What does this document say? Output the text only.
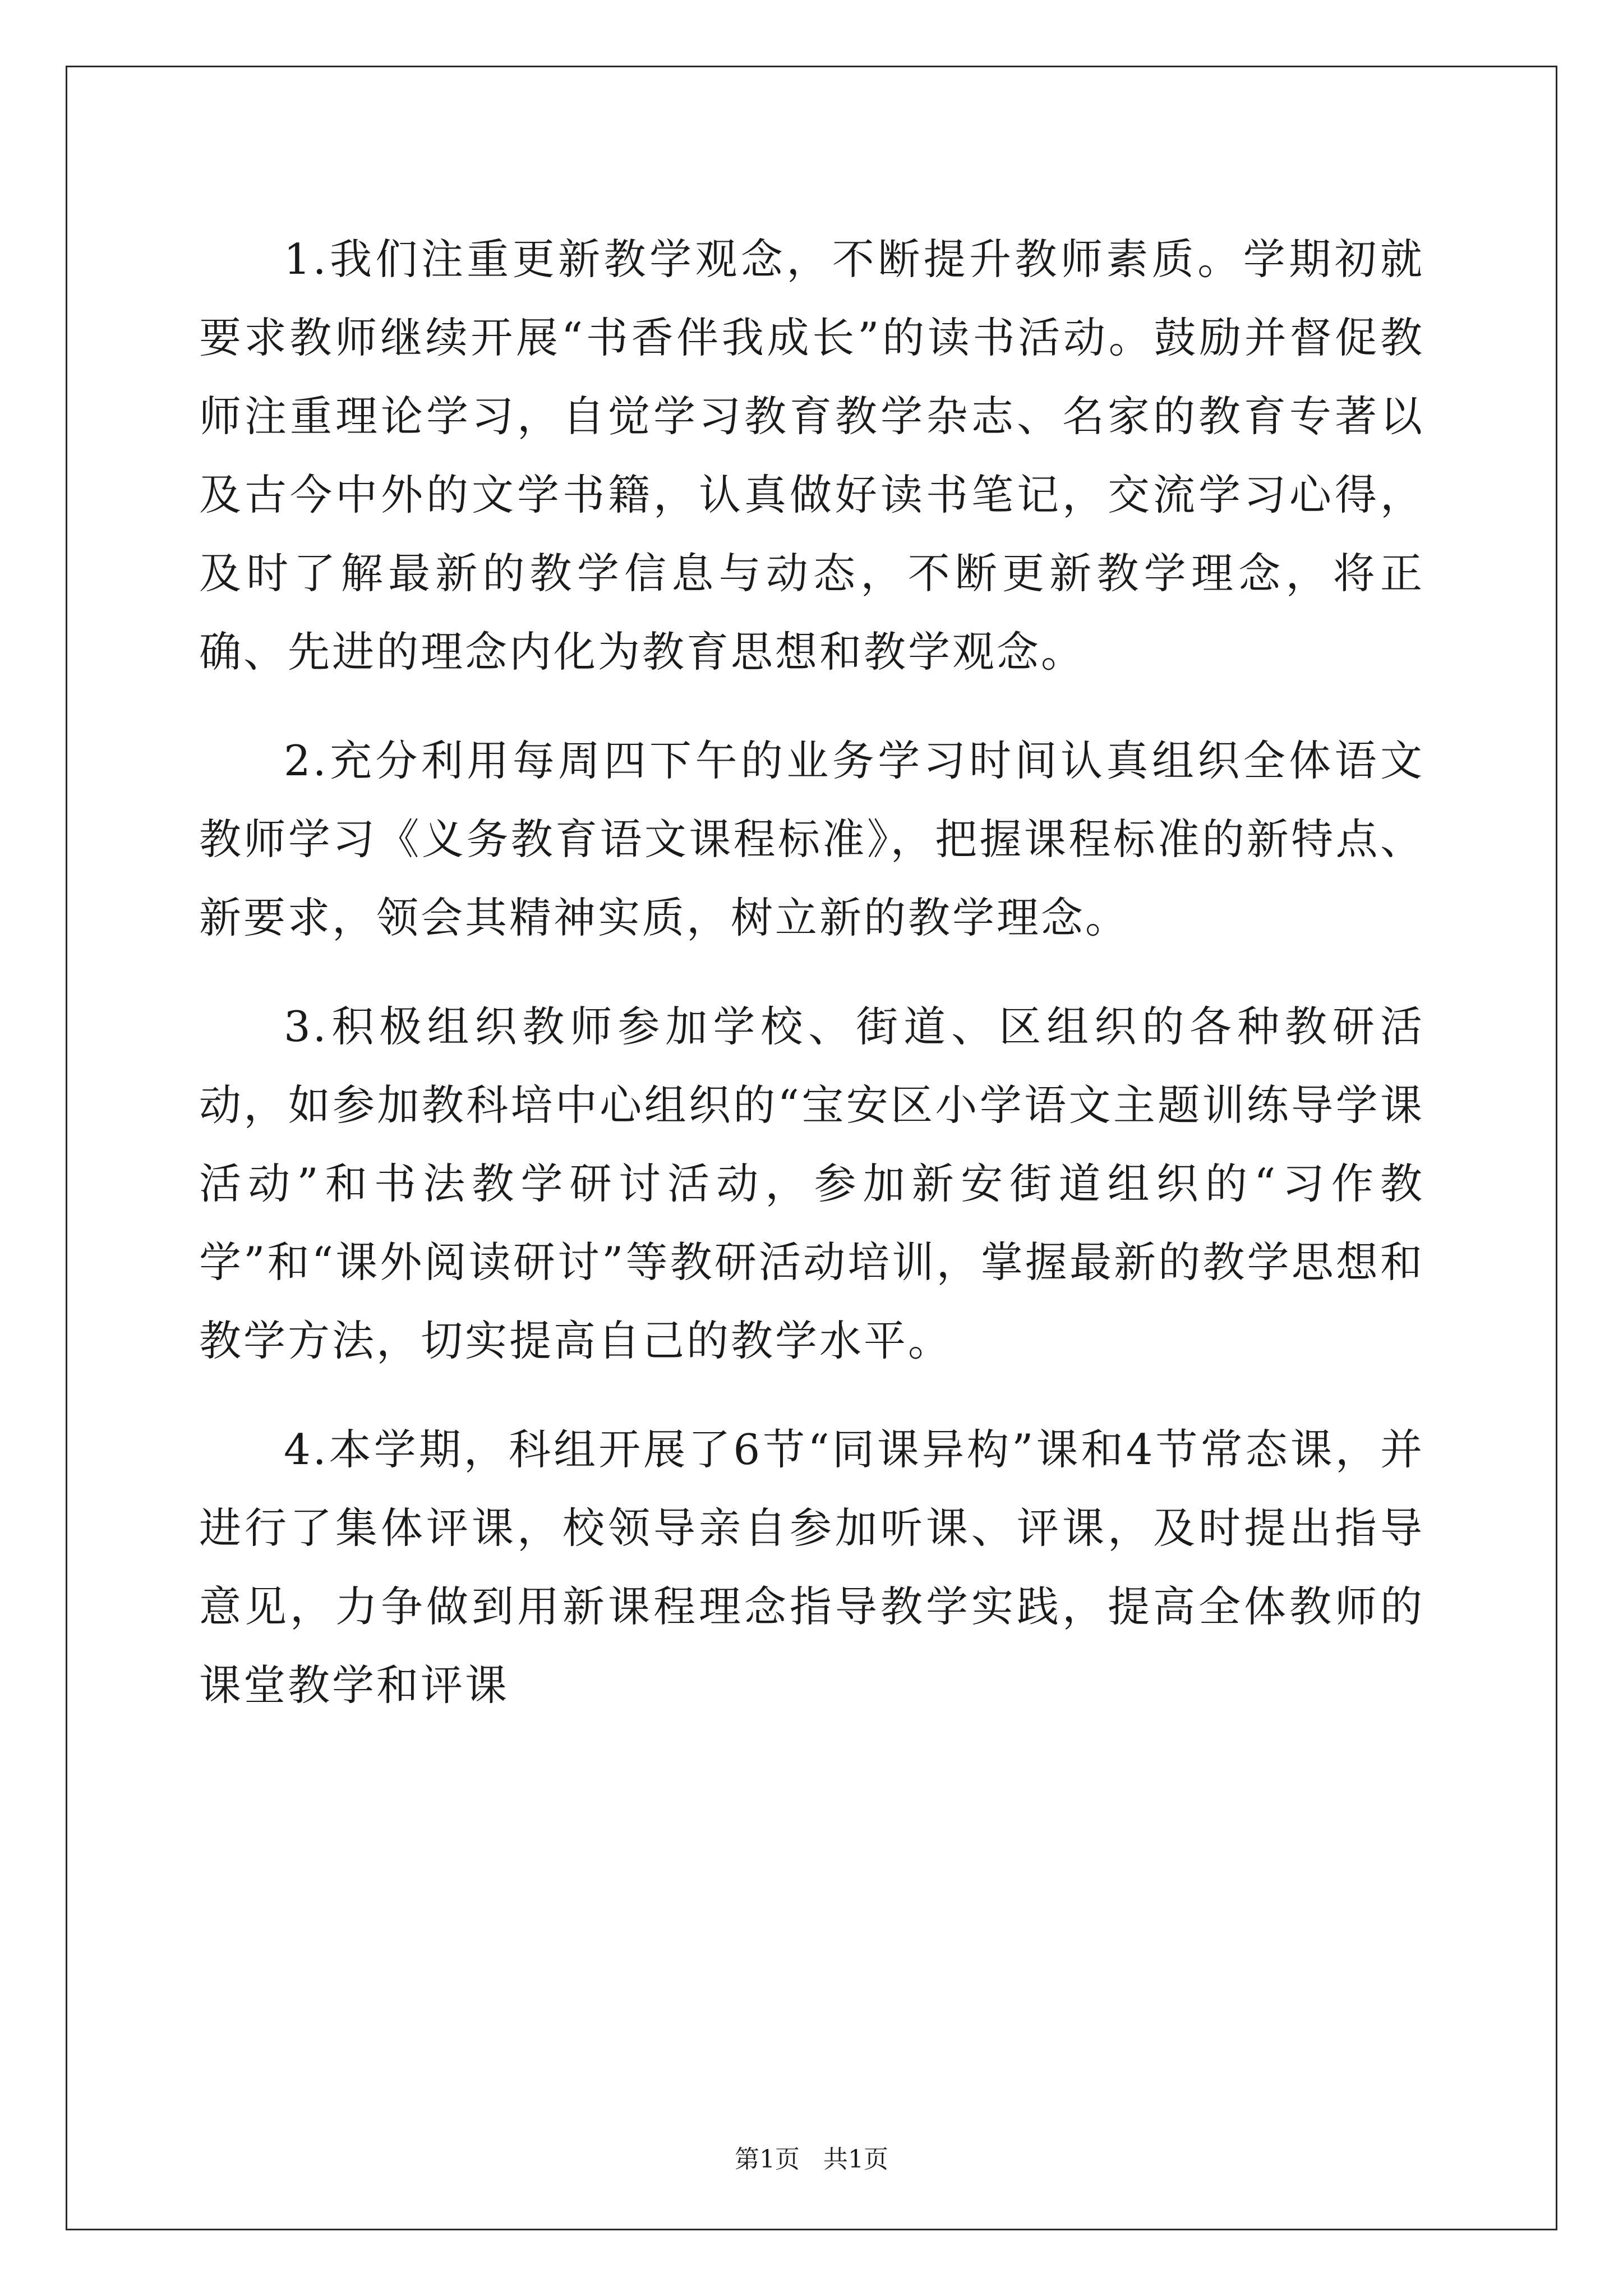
1.我们注重更新教学观念，不断提升教师素质。学期初就要求教师继续开展“书香伴我成长”的读书活动。鼓励并督促教师注重理论学习，自觉学习教育教学杂志、名家的教育专著以及古今中外的文学书籍，认真做好读书笔记，交流学习心得，及时了解最新的教学信息与动态，不断更新教学理念，将正确、先进的理念内化为教育思想和教学观念。

2.充分利用每周四下午的业务学习时间认真组织全体语文教师学习《义务教育语文课程标准》，把握课程标准的新特点、新要求，领会其精神实质，树立新的教学理念。

3.积极组织教师参加学校、街道、区组织的各种教研活动，如参加教科培中心组织的“宝安区小学语文主题训练导学课活动”和书法教学研讨活动，参加新安街道组织的“习作教学”和“课外阅读研讨”等教研活动培训，掌握最新的教学思想和教学方法，切实提高自己的教学水平。

4.本学期，科组开展了6节“同课异构”课和4节常态课，并进行了集体评课，校领导亲自参加听课、评课，及时提出指导意见，力争做到用新课程理念指导教学实践，提高全体教师的课堂教学和评课

第1页 共1页
